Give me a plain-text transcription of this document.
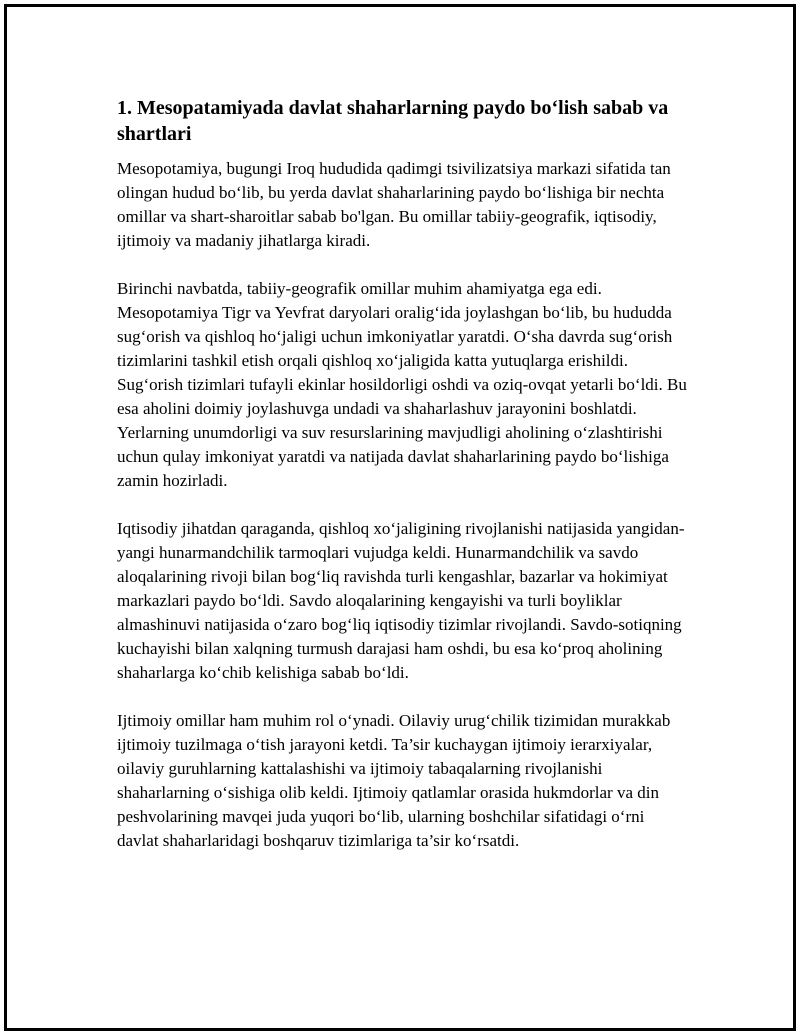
1. Mesopatamiyada davlat shaharlarning paydo bo‘lish sabab va shartlari

Mesopotamiya, bugungi Iroq hududida qadimgi tsivilizatsiya markazi sifatida tan olingan hudud bo‘lib, bu yerda davlat shaharlarining paydo bo‘lishiga bir nechta omillar va shart-sharoitlar sabab bo'lgan. Bu omillar tabiiy-geografik, iqtisodiy, ijtimoiy va madaniy jihatlarga kiradi.

Birinchi navbatda, tabiiy-geografik omillar muhim ahamiyatga ega edi. Mesopotamiya Tigr va Yevfrat daryolari oralig‘ida joylashgan bo‘lib, bu hududda sug‘orish va qishloq ho‘jaligi uchun imkoniyatlar yaratdi. O‘sha davrda sug‘orish tizimlarini tashkil etish orqali qishloq xo‘jaligida katta yutuqlarga erishildi. Sug‘orish tizimlari tufayli ekinlar hosildorligi oshdi va oziq-ovqat yetarli bo‘ldi. Bu esa aholini doimiy joylashuvga undadi va shaharlashuv jarayonini boshlatdi. Yerlarning unumdorligi va suv resurslarining mavjudligi aholining o‘zlashtirishi uchun qulay imkoniyat yaratdi va natijada davlat shaharlarining paydo bo‘lishiga zamin hozirladi.

Iqtisodiy jihatdan qaraganda, qishloq xo‘jaligining rivojlanishi natijasida yangidan-yangi hunarmandchilik tarmoqlari vujudga keldi. Hunarmandchilik va savdo aloqalarining rivoji bilan bog‘liq ravishda turli kengashlar, bazarlar va hokimiyat markazlari paydo bo‘ldi. Savdo aloqalarining kengayishi va turli boyliklar almashinuvi natijasida o‘zaro bog‘liq iqtisodiy tizimlar rivojlandi. Savdo-sotiqning kuchayishi bilan xalqning turmush darajasi ham oshdi, bu esa ko‘proq aholining shaharlarga ko‘chib kelishiga sabab bo‘ldi.

Ijtimoiy omillar ham muhim rol o‘ynadi. Oilaviy urug‘chilik tizimidan murakkab ijtimoiy tuzilmaga o‘tish jarayoni ketdi. Ta’sir kuchaygan ijtimoiy ierarxiyalar, oilaviy guruhlarning kattalashishi va ijtimoiy tabaqalarning rivojlanishi shaharlarning o‘sishiga olib keldi. Ijtimoiy qatlamlar orasida hukmdorlar va din peshvolarining mavqei juda yuqori bo‘lib, ularning boshchilar sifatidagi o‘rni davlat shaharlaridagi boshqaruv tizimlariga ta’sir ko‘rsatdi.
